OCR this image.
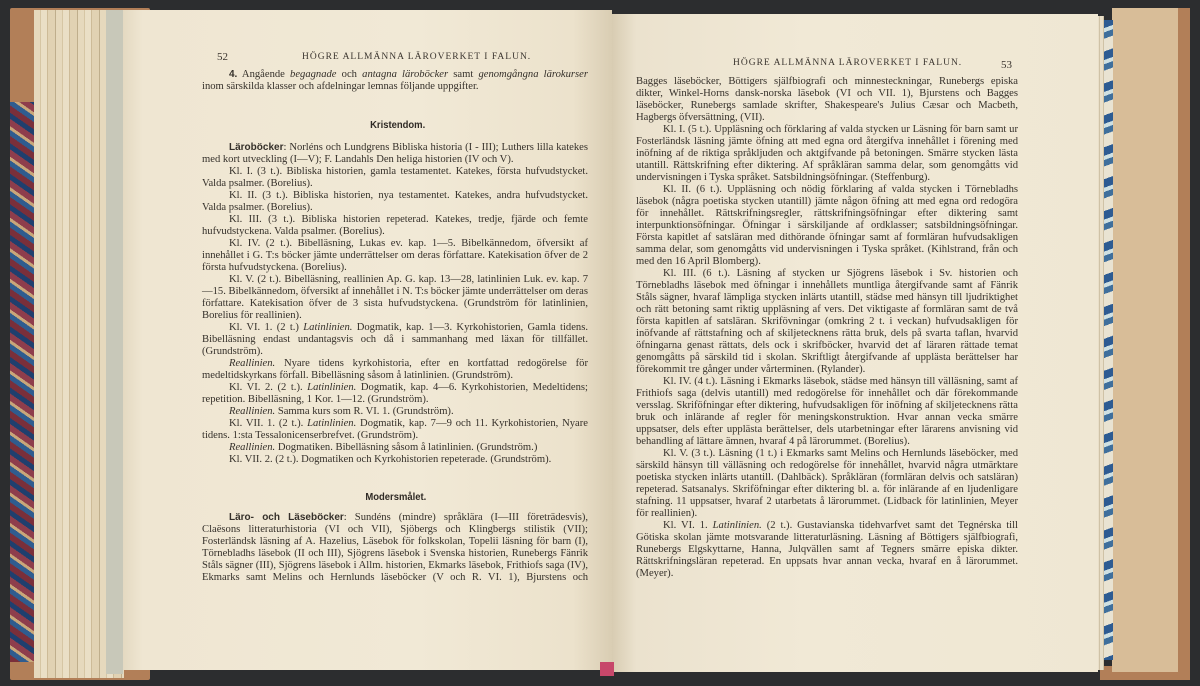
52	HÖGRE ALLMÄNNA LÄROVERKET I FALUN.

4. Angående begagnade och antagna läroböcker samt genomgångna lärokurser inom särskilda klasser och afdelningar lemnas följande uppgifter.

Kristendom.

Läroböcker: Norléns och Lundgrens Bibliska historia (I - III); Luthers lilla katekes med kort utveckling (I—V); F. Landahls Den heliga historien (IV och V).

Kl. I. (3 t.). Bibliska historien, gamla testamentet. Katekes, första hufvudstycket. Valda psalmer. (Borelius).

Kl. II. (3 t.). Bibliska historien, nya testamentet. Katekes, andra hufvudstycket. Valda psalmer. (Borelius).

Kl. III. (3 t.). Bibliska historien repeterad. Katekes, tredje, fjärde och femte hufvudstyckena. Valda psalmer. (Borelius).

Kl. IV. (2 t.). Bibelläsning, Lukas ev. kap. 1—5. Bibelkännedom, öfversikt af innehållet i G. T:s böcker jämte underrättelser om deras författare. Katekisation öfver de 2 första hufvudstyckena. (Borelius).

Kl. V. (2 t.). Bibelläsning, reallinien Ap. G. kap. 13—28, latinlinien Luk. ev. kap. 7—15. Bibelkännedom, öfversikt af innehållet i N. T:s böcker jämte underrättelser om deras författare. Katekisation öfver de 3 sista hufvudstyckena. (Grundström för latinlinien, Borelius för reallinien).

Kl. VI. 1. (2 t.) Latinlinien. Dogmatik, kap. 1—3. Kyrkohistorien, Gamla tidens. Bibelläsning endast undantagsvis och då i sammanhang med läxan för tillfället. (Grundström).

Reallinien. Nyare tidens kyrkohistoria, efter en kortfattad redogörelse för medeltidskyrkans förfall. Bibelläsning såsom å latinlinien. (Grundström).

Kl. VI. 2. (2 t.). Latinlinien. Dogmatik, kap. 4—6. Kyrkohistorien, Medeltidens; repetition. Bibelläsning, 1 Kor. 1—12. (Grundström).

Reallinien. Samma kurs som R. VI. 1. (Grundström).

Kl. VII. 1. (2 t.). Latinlinien. Dogmatik, kap. 7—9 och 11. Kyrkohistorien, Nyare tidens. 1:sta Tessalonicenserbrefvet. (Grundström).

Reallinien. Dogmatiken. Bibelläsning såsom å latinlinien. (Grundström.)

Kl. VII. 2. (2 t.). Dogmatiken och Kyrkohistorien repeterade. (Grundström).

Modersmålet.

Läro- och Läseböcker: Sundéns (mindre) språklära (I—III företrädesvis), Claësons litteraturhistoria (VI och VII), Sjöbergs och Klingbergs stilistik (VII); Fosterländsk läsning af A. Hazelius, Läsebok för folkskolan, Topelii läsning för barn (I), Törnebladhs läsebok (II och III), Sjögrens läsebok i Svenska historien, Runebergs Fänrik Ståls sägner (III), Sjögrens läsebok i Allm. historien, Ekmarks läsebok, Frithiofs saga (IV), Ekmarks samt Melins och Hernlunds läseböcker (V och R. VI. 1), Bjurstens och

HÖGRE ALLMÄNNA LÄROVERKET I FALUN.	53

Bagges läseböcker, Böttigers själfbiografi och minnesteckningar, Runebergs episka dikter, Winkel-Horns dansk-norska läsebok (VI och VII. 1), Bjurstens och Bagges läseböcker, Runebergs samlade skrifter, Shakespeare's Julius Cæsar och Macbeth, Hagbergs öfversättning, (VII).

Kl. I. (5 t.). Uppläsning och förklaring af valda stycken ur Läsning för barn samt ur Fosterländsk läsning jämte öfning att med egna ord återgifva innehållet i förening med inöfning af de riktiga språkljuden och aktgifvande på betoningen. Smärre stycken lästa utantill. Rättskrifning efter diktering. Af språkläran samma delar, som genomgåtts vid undervisningen i Tyska språket. Satsbildningsöfningar. (Steffenburg).

Kl. II. (6 t.). Uppläsning och nödig förklaring af valda stycken i Törnebladhs läsebok (några poetiska stycken utantill) jämte någon öfning att med egna ord redogöra för innehållet. Rättskrifningsregler, rättskrifningsöfningar efter diktering samt interpunktionsöfningar. Öfningar i särskiljande af ordklasser; satsbildningsöfningar. Första kapitlet af satsläran med dithörande öfningar samt af formläran hufvudsakligen samma delar, som genomgåtts vid undervisningen i Tyska språket. (Kihlstrand, från och med den 16 April Blomberg).

Kl. III. (6 t.). Läsning af stycken ur Sjögrens läsebok i Sv. historien och Törnebladhs läsebok med öfningar i innehållets muntliga återgifvande samt af Fänrik Ståls sägner, hvaraf lämpliga stycken inlärts utantill, städse med hänsyn till ljudriktighet och rätt betoning samt riktig uppläsning af vers. Det viktigaste af formläran samt de två första kapitlen af satsläran. Skrifövningar (omkring 2 t. i veckan) hufvudsakligen för inöfvande af rättstafning och af skiljetecknens rätta bruk, dels på svarta taflan, hvarvid öfningarna genast rättats, dels ock i skrifböcker, hvarvid det af läraren rättade temat genomgåtts på särskild tid i skolan. Skriftligt återgifvande af upplästa berättelser har förekommit tre gånger under vårterminen. (Rylander).

Kl. IV. (4 t.). Läsning i Ekmarks läsebok, städse med hänsyn till välläsning, samt af Frithiofs saga (delvis utantill) med redogörelse för innehållet och där förekommande versslag. Skriföfningar efter diktering, hufvudsakligen för inöfning af skiljetecknens rätta bruk och inlärande af regler för meningskonstruktion. Hvar annan vecka smärre uppsatser, dels efter upplästa berättelser, dels utarbetningar efter lärarens anvisning vid behandling af lättare ämnen, hvaraf 4 på lärorummet. (Borelius).

Kl. V. (3 t.). Läsning (1 t.) i Ekmarks samt Melins och Hernlunds läseböcker, med särskild hänsyn till välläsning och redogörelse för innehållet, hvarvid några utmärktare poetiska stycken inlärts utantill. (Dahlbäck). Språkläran (formläran delvis och satsläran) repeterad. Satsanalys. Skriföfningar efter diktering bl. a. för inlärande af en ljudenligare stafning. 11 uppsatser, hvaraf 2 utarbetats å lärorummet. (Lidback för latinlinien, Meyer för reallinien).

Kl. VI. 1. Latinlinien. (2 t.). Gustavianska tidehvarfvet samt det Tegnérska till Götiska skolan jämte motsvarande litteraturläsning. Läsning af Böttigers själfbiografi, Runebergs Elgskyttarne, Hanna, Julqvällen samt af Tegners smärre episka dikter. Rättskrifningsläran repeterad. En uppsats hvar annan vecka, hvaraf en å lärorummet. (Meyer).
